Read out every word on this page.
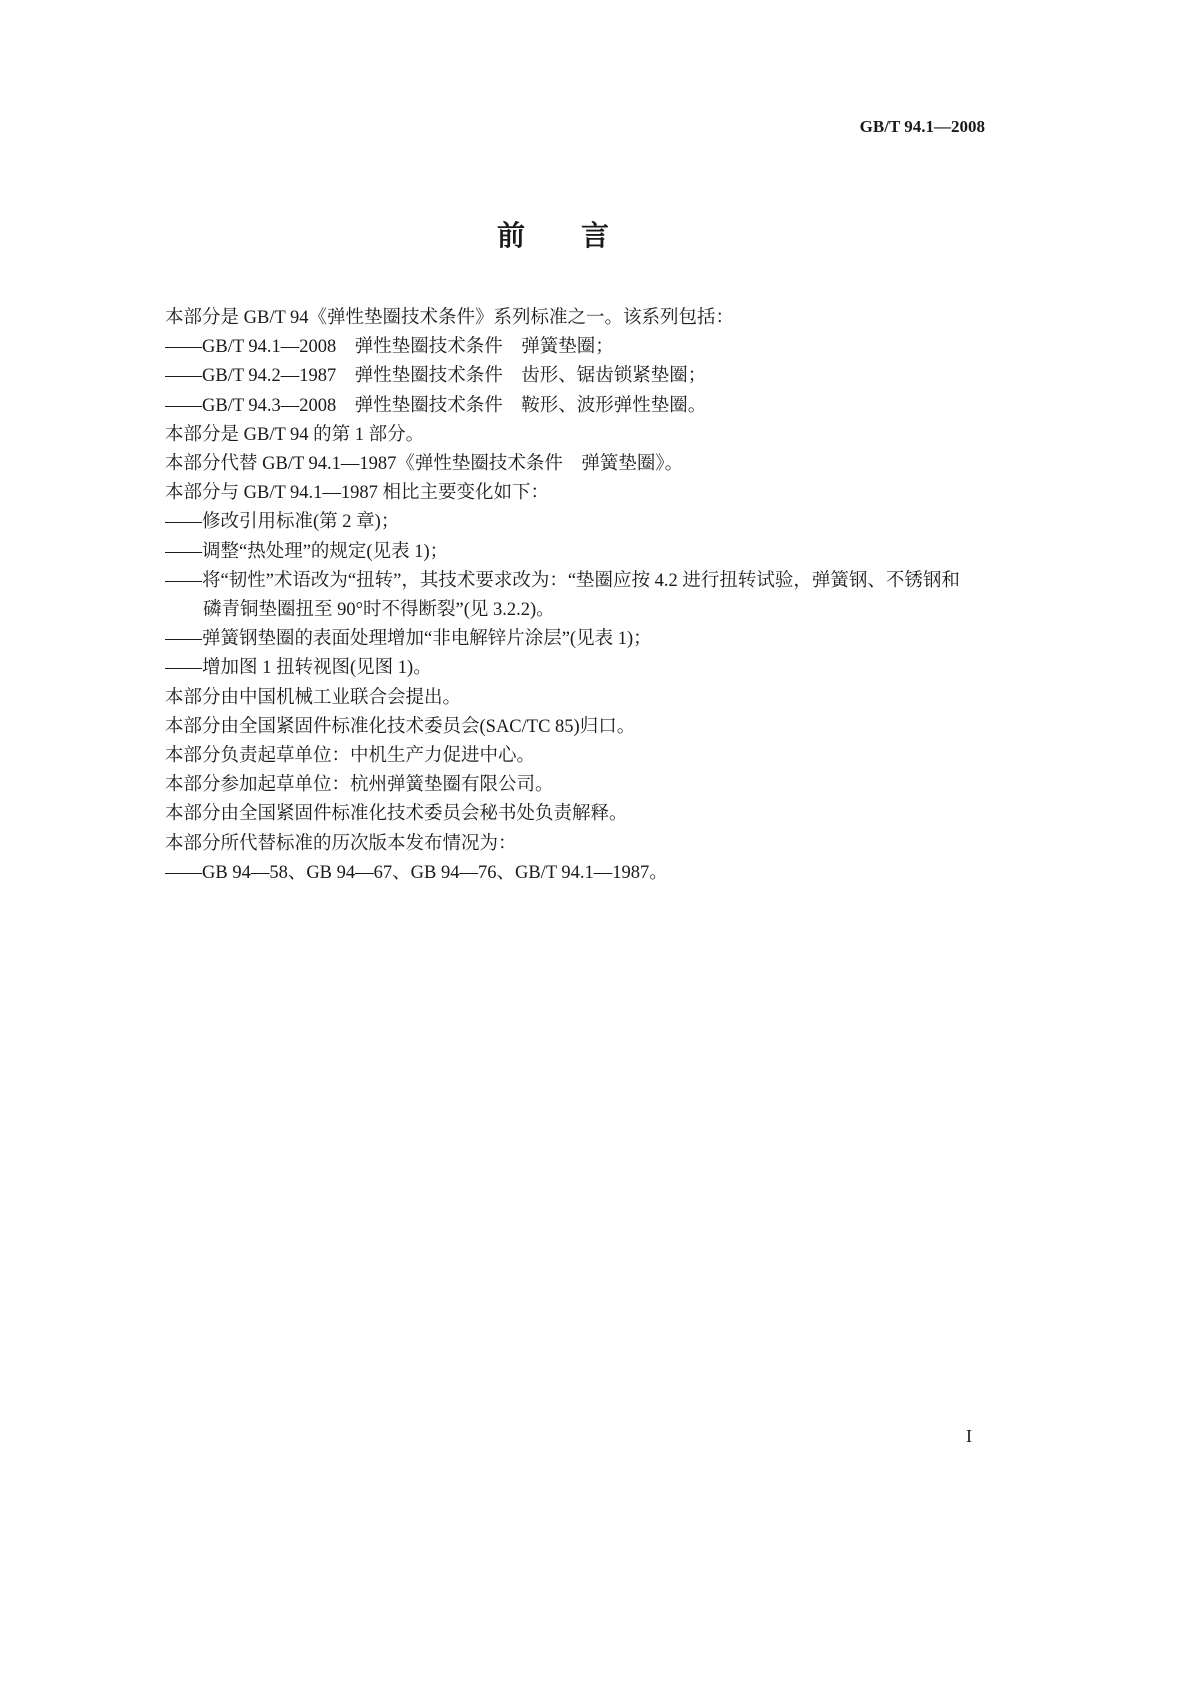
GB/T 94.1—2008
前　　言

本部分是 GB/T 94《弹性垫圈技术条件》系列标准之一。该系列包括：

——GB/T 94.1—2008　弹性垫圈技术条件　弹簧垫圈；

——GB/T 94.2—1987　弹性垫圈技术条件　齿形、锯齿锁紧垫圈；

——GB/T 94.3—2008　弹性垫圈技术条件　鞍形、波形弹性垫圈。

本部分是 GB/T 94 的第 1 部分。

本部分代替 GB/T 94.1—1987《弹性垫圈技术条件　弹簧垫圈》。

本部分与 GB/T 94.1—1987 相比主要变化如下：

——修改引用标准(第 2 章)；

——调整“热处理”的规定(见表 1)；

——将“韧性”术语改为“扭转”，其技术要求改为：“垫圈应按 4.2 进行扭转试验，弹簧钢、不锈钢和

磷青铜垫圈扭至 90°时不得断裂”(见 3.2.2)。

——弹簧钢垫圈的表面处理增加“非电解锌片涂层”(见表 1)；

——增加图 1 扭转视图(见图 1)。

本部分由中国机械工业联合会提出。

本部分由全国紧固件标准化技术委员会(SAC/TC 85)归口。

本部分负责起草单位：中机生产力促进中心。

本部分参加起草单位：杭州弹簧垫圈有限公司。

本部分由全国紧固件标准化技术委员会秘书处负责解释。

本部分所代替标准的历次版本发布情况为：

——GB 94—58、GB 94—67、GB 94—76、GB/T 94.1—1987。

I
